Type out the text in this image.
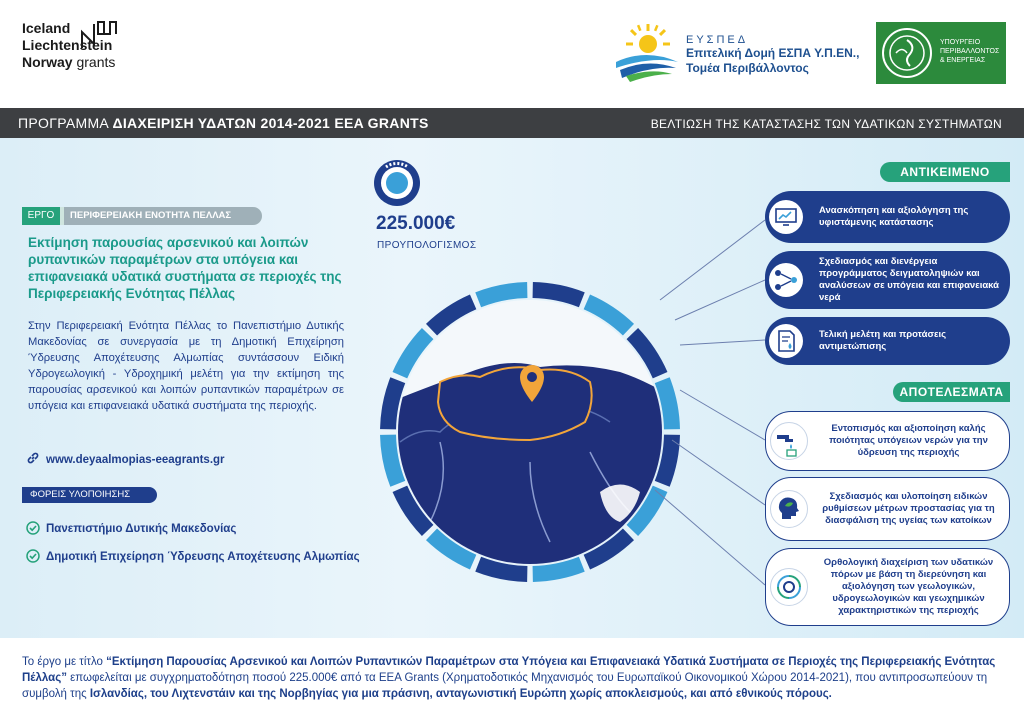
Iceland
Liechtenstein
Norway grants
ΕΥΣΠΕΔ
Επιτελική Δομή ΕΣΠΑ Υ.Π.ΕΝ.,
Τομέα Περιβάλλοντος
ΥΠΟΥΡΓΕΙΟ
ΠΕΡΙΒΑΛΛΟΝΤΟΣ
& ΕΝΕΡΓΕΙΑΣ
ΠΡΟΓΡΑΜΜΑ ΔΙΑΧΕΙΡΙΣΗ ΥΔΑΤΩΝ 2014-2021 EEA GRANTS	ΒΕΛΤΙΩΣΗ ΤΗΣ ΚΑΤΑΣΤΑΣΗΣ ΤΩΝ ΥΔΑΤΙΚΩΝ ΣΥΣΤΗΜΑΤΩΝ
ΕΡΓΟ	ΠΕΡΙΦΕΡΕΙΑΚΗ ΕΝΟΤΗΤΑ ΠΕΛΛΑΣ
Εκτίμηση παρουσίας αρσενικού και λοιπών ρυπαντικών παραμέτρων στα υπόγεια και επιφανειακά υδατικά συστήματα σε περιοχές της Περιφερειακής Ενότητας Πέλλας
Στην Περιφερειακή Ενότητα Πέλλας το Πανεπιστήμιο Δυτικής Μακεδονίας σε συνεργασία με τη Δημοτική Επιχείρηση Ύδρευσης Αποχέτευσης Αλμωπίας συντάσσουν Ειδική Υδρογεωλογική - Υδροχημική μελέτη για την εκτίμηση της παρουσίας αρσενικού και λοιπών ρυπαντικών παραμέτρων σε υπόγεια και επιφανειακά υδατικά συστήματα της περιοχής.
www.deyaalmopias-eeagrants.gr
ΦΟΡΕΙΣ ΥΛΟΠΟΙΗΣΗΣ
Πανεπιστήμιο Δυτικής Μακεδονίας
Δημοτική Επιχείρηση Ύδρευσης Αποχέτευσης Αλμωπίας
225.000€
ΠΡΟΥΠΟΛΟΓΙΣΜΟΣ
ΑΝΤΙΚΕΙΜΕΝΟ
Ανασκόπηση και αξιολόγηση της υφιστάμενης κατάστασης
Σχεδιασμός και διενέργεια προγράμματος δειγματοληψιών και αναλύσεων σε υπόγεια και επιφανειακά νερά
Τελική μελέτη και προτάσεις αντιμετώπισης
ΑΠΟΤΕΛΕΣΜΑΤΑ
Εντοπισμός και αξιοποίηση καλής ποιότητας υπόγειων νερών για την ύδρευση της περιοχής
Σχεδιασμός και υλοποίηση ειδικών ρυθμίσεων μέτρων προστασίας για τη διασφάλιση της υγείας των κατοίκων
Ορθολογική διαχείριση των υδατικών πόρων με βάση τη διερεύνηση και αξιολόγηση των γεωλογικών, υδρογεωλογικών και γεωχημικών χαρακτηριστικών της περιοχής

Το έργο με τίτλο “Εκτίμηση Παρουσίας Αρσενικού και Λοιπών Ρυπαντικών Παραμέτρων στα Υπόγεια και Επιφανειακά Υδατικά Συστήματα σε Περιοχές της Περιφερειακής Ενότητας Πέλλας” επωφελείται με συγχρηματοδότηση ποσού 225.000€ από τα EEA Grants (Χρηματοδοτικός Μηχανισμός του Ευρωπαϊκού Οικονομικού Χώρου 2014-2021), που αντιπροσωπεύουν τη συμβολή της Ισλανδίας, του Λιχτενστάιν και της Νορβηγίας για μια πράσινη, ανταγωνιστική Ευρώπη χωρίς αποκλεισμούς, και από εθνικούς πόρους.
